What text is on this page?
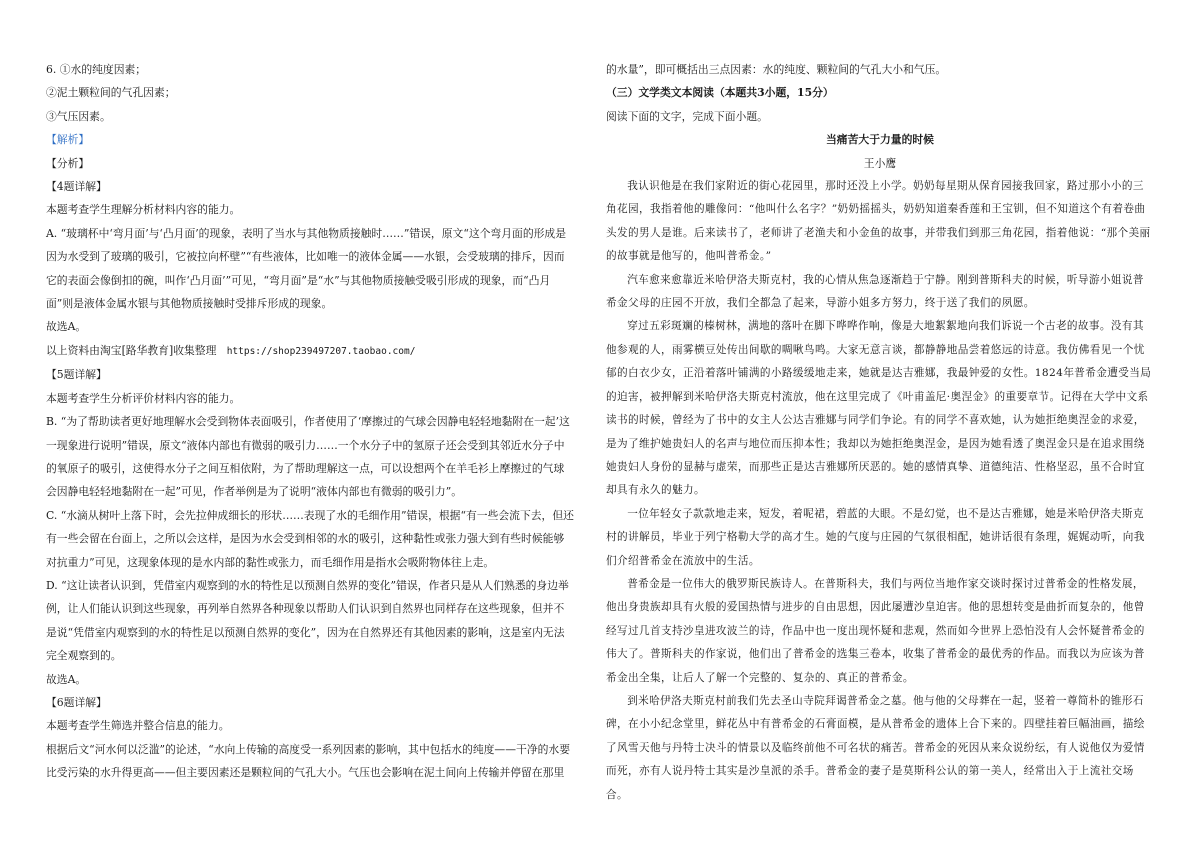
6. ①水的纯度因素；

②泥土颗粒间的气孔因素；

③气压因素。

【解析】

【分析】

【4题详解】

本题考查学生理解分析材料内容的能力。

A. “玻璃杯中‘弯月面’与‘凸月面’的现象，表明了当水与其他物质接触时……”错误，原文“这个弯月面的形成是因为水受到了玻璃的吸引，它被拉向杯壁”“有些液体，比如唯一的液体金属——水银，会受玻璃的排斥，因而它的表面会像倒扣的碗，叫作‘凸月面’”可见，“弯月面”是“水”与其他物质接触受吸引形成的现象，而“凸月面”则是液体金属水银与其他物质接触时受排斥形成的现象。

故选A。

以上资料由淘宝[路华教育]收集整理 https://shop239497207.taobao.com/

【5题详解】

本题考查学生分析评价材料内容的能力。

B. “为了帮助读者更好地理解水会受到物体表面吸引，作者使用了‘摩擦过的气球会因静电轻轻地黏附在一起’这一现象进行说明”错误，原文“液体内部也有微弱的吸引力……一个水分子中的氢原子还会受到其邻近水分子中的氧原子的吸引，这使得水分子之间互相依附，为了帮助理解这一点，可以设想两个在羊毛衫上摩擦过的气球会因静电轻轻地黏附在一起”可见，作者举例是为了说明“液体内部也有微弱的吸引力”。

C. “水滴从树叶上落下时，会先拉伸成细长的形状……表现了水的毛细作用”错误，根据“有一些会流下去，但还有一些会留在台面上，之所以会这样，是因为水会受到相邻的水的吸引，这种黏性或张力强大到有些时候能够对抗重力”可见，这现象体现的是水内部的黏性或张力，而毛细作用是指水会吸附物体往上走。

D. “这让读者认识到，凭借室内观察到的水的特性足以预测自然界的变化”错误，作者只是从人们熟悉的身边举例，让人们能认识到这些现象，再列举自然界各种现象以帮助人们认识到自然界也同样存在这些现象，但并不是说“凭借室内观察到的水的特性足以预测自然界的变化”，因为在自然界还有其他因素的影响，这是室内无法完全观察到的。

故选A。

【6题详解】

本题考查学生筛选并整合信息的能力。

根据后文“河水何以泛滥”的论述，“水向上传输的高度受一系列因素的影响，其中包括水的纯度——干净的水要比受污染的水升得更高——但主要因素还是颗粒间的气孔大小。气压也会影响在泥土间向上传输并停留在那里

的水量”，即可概括出三点因素：水的纯度、颗粒间的气孔大小和气压。

（三）文学类文本阅读（本题共3小题，15分）

阅读下面的文字，完成下面小题。

当痛苦大于力量的时候

王小鹰

我认识他是在我们家附近的街心花园里，那时还没上小学。奶奶每星期从保育园接我回家，路过那小小的三角花园，我指着他的雕像问：“他叫什么名字？”奶奶摇摇头，奶奶知道秦香莲和王宝钏，但不知道这个有着卷曲头发的男人是谁。后来读书了，老师讲了老渔夫和小金鱼的故事，并带我们到那三角花园，指着他说：“那个美丽的故事就是他写的，他叫普希金。”

汽车愈来愈靠近米哈伊洛夫斯克村，我的心情从焦急逐渐趋于宁静。刚到普斯科夫的时候，听导游小姐说普希金父母的庄园不开放，我们全都急了起来，导游小姐多方努力，终于送了我们的夙愿。

穿过五彩斑斓的榛树林，满地的落叶在脚下哗哗作响，像是大地絮絮地向我们诉说一个古老的故事。没有其他参观的人，雨雾横豆处传出间歇的啁啾鸟鸣。大家无意言谈，都静静地品尝着悠远的诗意。我仿佛看见一个忧郁的白衣少女，正沿着落叶铺满的小路缓缓地走来，她就是达吉雅娜，我最钟爱的女性。1824年普希金遭受当局的迫害，被押解到米哈伊洛夫斯克村流放，他在这里完成了《叶甫盖尼·奥涅金》的重要章节。记得在大学中文系读书的时候，曾经为了书中的女主人公达吉雅娜与同学们争论。有的同学不喜欢她，认为她拒绝奥涅金的求爱，是为了维护她贵妇人的名声与地位而压抑本性；我却以为她拒绝奥涅金，是因为她看透了奥涅金只是在追求围绕她贵妇人身份的显赫与虚荣，而那些正是达吉雅娜所厌恶的。她的感情真挚、道德纯洁、性格坚忍，虽不合时宜却具有永久的魅力。

一位年轻女子款款地走来，短发，着呢裙，碧蓝的大眼。不是幻觉，也不是达吉雅娜，她是米哈伊洛夫斯克村的讲解员，毕业于列宁格勒大学的高才生。她的气度与庄园的气氛很相配，她讲话很有条理，娓娓动听，向我们介绍普希金在流放中的生活。

普希金是一位伟大的俄罗斯民族诗人。在普斯科夫，我们与两位当地作家交谈时探讨过普希金的性格发展，他出身贵族却具有火般的爱国热情与进步的自由思想，因此屡遭沙皇迫害。他的思想转变是曲折而复杂的，他曾经写过几首支持沙皇进攻波兰的诗，作品中也一度出现怀疑和悲观，然而如今世界上恐怕没有人会怀疑普希金的伟大了。普斯科夫的作家说，他们出了普希金的选集三卷本，收集了普希金的最优秀的作品。而我以为应该为普希金出全集，让后人了解一个完整的、复杂的、真正的普希金。

到米哈伊洛夫斯克村前我们先去圣山寺院拜谒普希金之墓。他与他的父母葬在一起，竖着一尊简朴的锥形石碑，在小小纪念堂里，鲜花丛中有普希金的石膏面模，是从普希金的遗体上合下来的。四壁挂着巨幅油画，描绘了风雪天他与丹特士决斗的情景以及临终前他不可名状的痛苦。普希金的死因从来众说纷纭，有人说他仅为爱情而死，亦有人说丹特士其实是沙皇派的杀手。普希金的妻子是莫斯科公认的第一美人，经常出入于上流社交场合。
